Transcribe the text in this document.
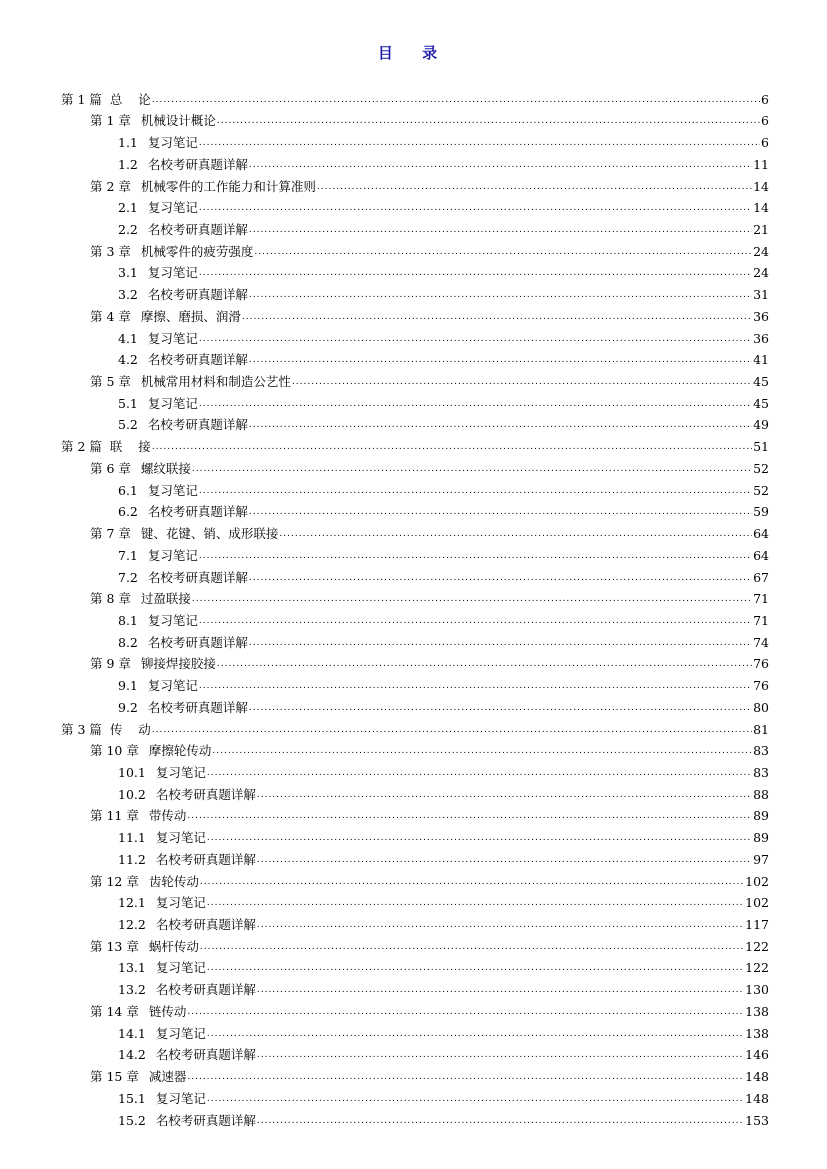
目 录
第 1 篇 总    论 .....	6
第 1 章 机械设计概论 .....	6
1.1 复习笔记 .....	6
1.2 名校考研真题详解 .....	11
第 2 章 机械零件的工作能力和计算准则 .....	14
2.1 复习笔记 .....	14
2.2 名校考研真题详解 .....	21
第 3 章 机械零件的疲劳强度 .....	24
3.1 复习笔记 .....	24
3.2 名校考研真题详解 .....	31
第 4 章 摩擦、磨损、润滑 .....	36
4.1 复习笔记 .....	36
4.2 名校考研真题详解 .....	41
第 5 章 机械常用材料和制造公艺性 .....	45
5.1 复习笔记 .....	45
5.2 名校考研真题详解 .....	49
第 2 篇 联    接 .....	51
第 6 章 螺纹联接 .....	52
6.1 复习笔记 .....	52
6.2 名校考研真题详解 .....	59
第 7 章 键、花键、销、成形联接 .....	64
7.1 复习笔记 .....	64
7.2 名校考研真题详解 .....	67
第 8 章 过盈联接 .....	71
8.1 复习笔记 .....	71
8.2 名校考研真题详解 .....	74
第 9 章 铆接焊接胶接 .....	76
9.1 复习笔记 .....	76
9.2 名校考研真题详解 .....	80
第 3 篇 传    动 .....	81
第 10 章 摩擦轮传动 .....	83
10.1 复习笔记 .....	83
10.2 名校考研真题详解 .....	88
第 11 章 带传动 .....	89
11.1 复习笔记 .....	89
11.2 名校考研真题详解 .....	97
第 12 章 齿轮传动 .....	102
12.1 复习笔记 .....	102
12.2 名校考研真题详解 .....	117
第 13 章 蜗杆传动 .....	122
13.1 复习笔记 .....	122
13.2 名校考研真题详解 .....	130
第 14 章 链传动 .....	138
14.1 复习笔记 .....	138
14.2 名校考研真题详解 .....	146
第 15 章 减速器 .....	148
15.1 复习笔记 .....	148
15.2 名校考研真题详解 .....	153
